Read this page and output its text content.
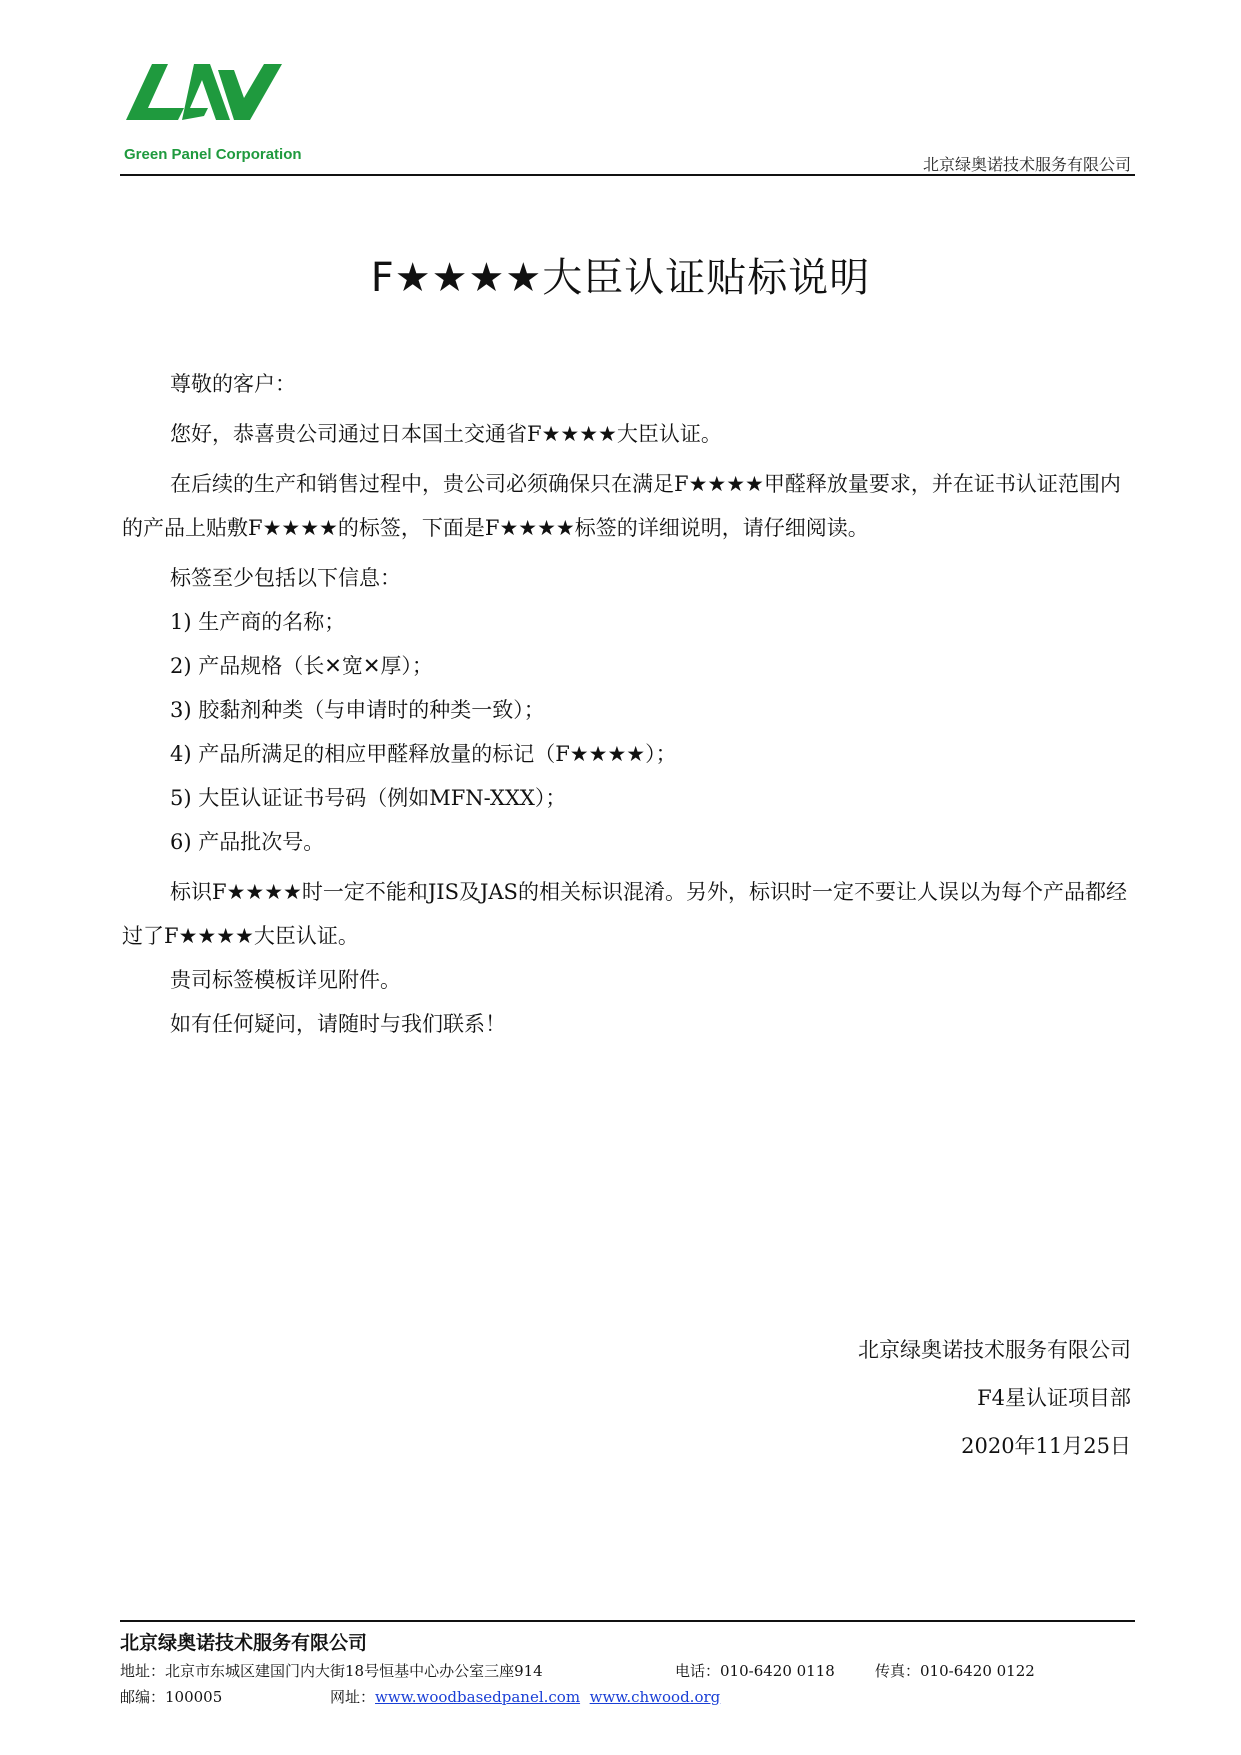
Green Panel Corporation
北京绿奥诺技术服务有限公司
F★★★★大臣认证贴标说明

尊敬的客户：

您好，恭喜贵公司通过日本国土交通省F★★★★大臣认证。

在后续的生产和销售过程中，贵公司必须确保只在满足F★★★★甲醛释放量要求，并在证书认证范围内的产品上贴敷F★★★★的标签，下面是F★★★★标签的详细说明，请仔细阅读。

标签至少包括以下信息：

1) 生产商的名称；

2) 产品规格（长✕宽✕厚）；

3) 胶黏剂种类（与申请时的种类一致）；

4) 产品所满足的相应甲醛释放量的标记（F★★★★）；

5) 大臣认证证书号码（例如MFN-XXX）；

6) 产品批次号。

标识F★★★★时一定不能和JIS及JAS的相关标识混淆。另外，标识时一定不要让人误以为每个产品都经过了F★★★★大臣认证。

贵司标签模板详见附件。

如有任何疑问，请随时与我们联系！

北京绿奥诺技术服务有限公司
F4星认证项目部
2020年11月25日
北京绿奥诺技术服务有限公司
地址：北京市东城区建国门内大街18号恒基中心办公室三座914	电话：010-6420 0118	传真：010-6420 0122
邮编：100005	网址：www.woodbasedpanel.com www.chwood.org
